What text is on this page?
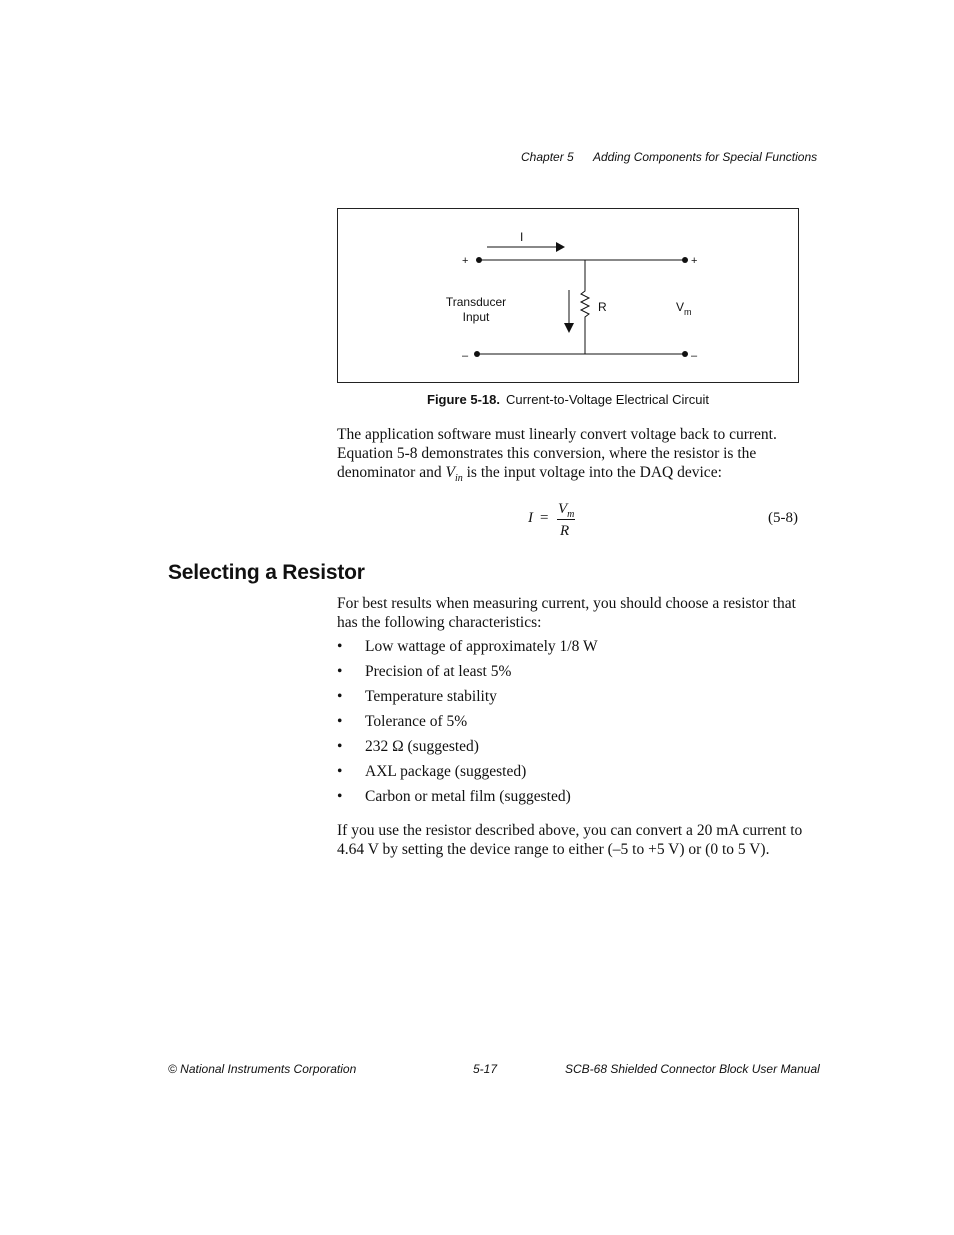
Chapter 5 Adding Components for Special Functions
I
+	+
–	–
Transducer
Input
R	V m
Figure 5-18. Current-to-Voltage Electrical Circuit
The application software must linearly convert voltage back to current. Equation 5-8 demonstrates this conversion, where the resistor is the denominator and $V_{in}$ is the input voltage into the DAQ device:
I =
$V_m$
R
(5-8)
Selecting a Resistor
For best results when measuring current, you should choose a resistor that has the following characteristics:
• Low wattage of approximately 1/8 W
• Precision of at least 5%
• Temperature stability
• Tolerance of 5%
• 232 Ω (suggested)
• AXL package (suggested)
• Carbon or metal film (suggested)
If you use the resistor described above, you can convert a 20 mA current to 4.64 V by setting the device range to either (–5 to +5 V) or (0 to 5 V).
© National Instruments Corporation	5-17	SCB-68 Shielded Connector Block User Manual
